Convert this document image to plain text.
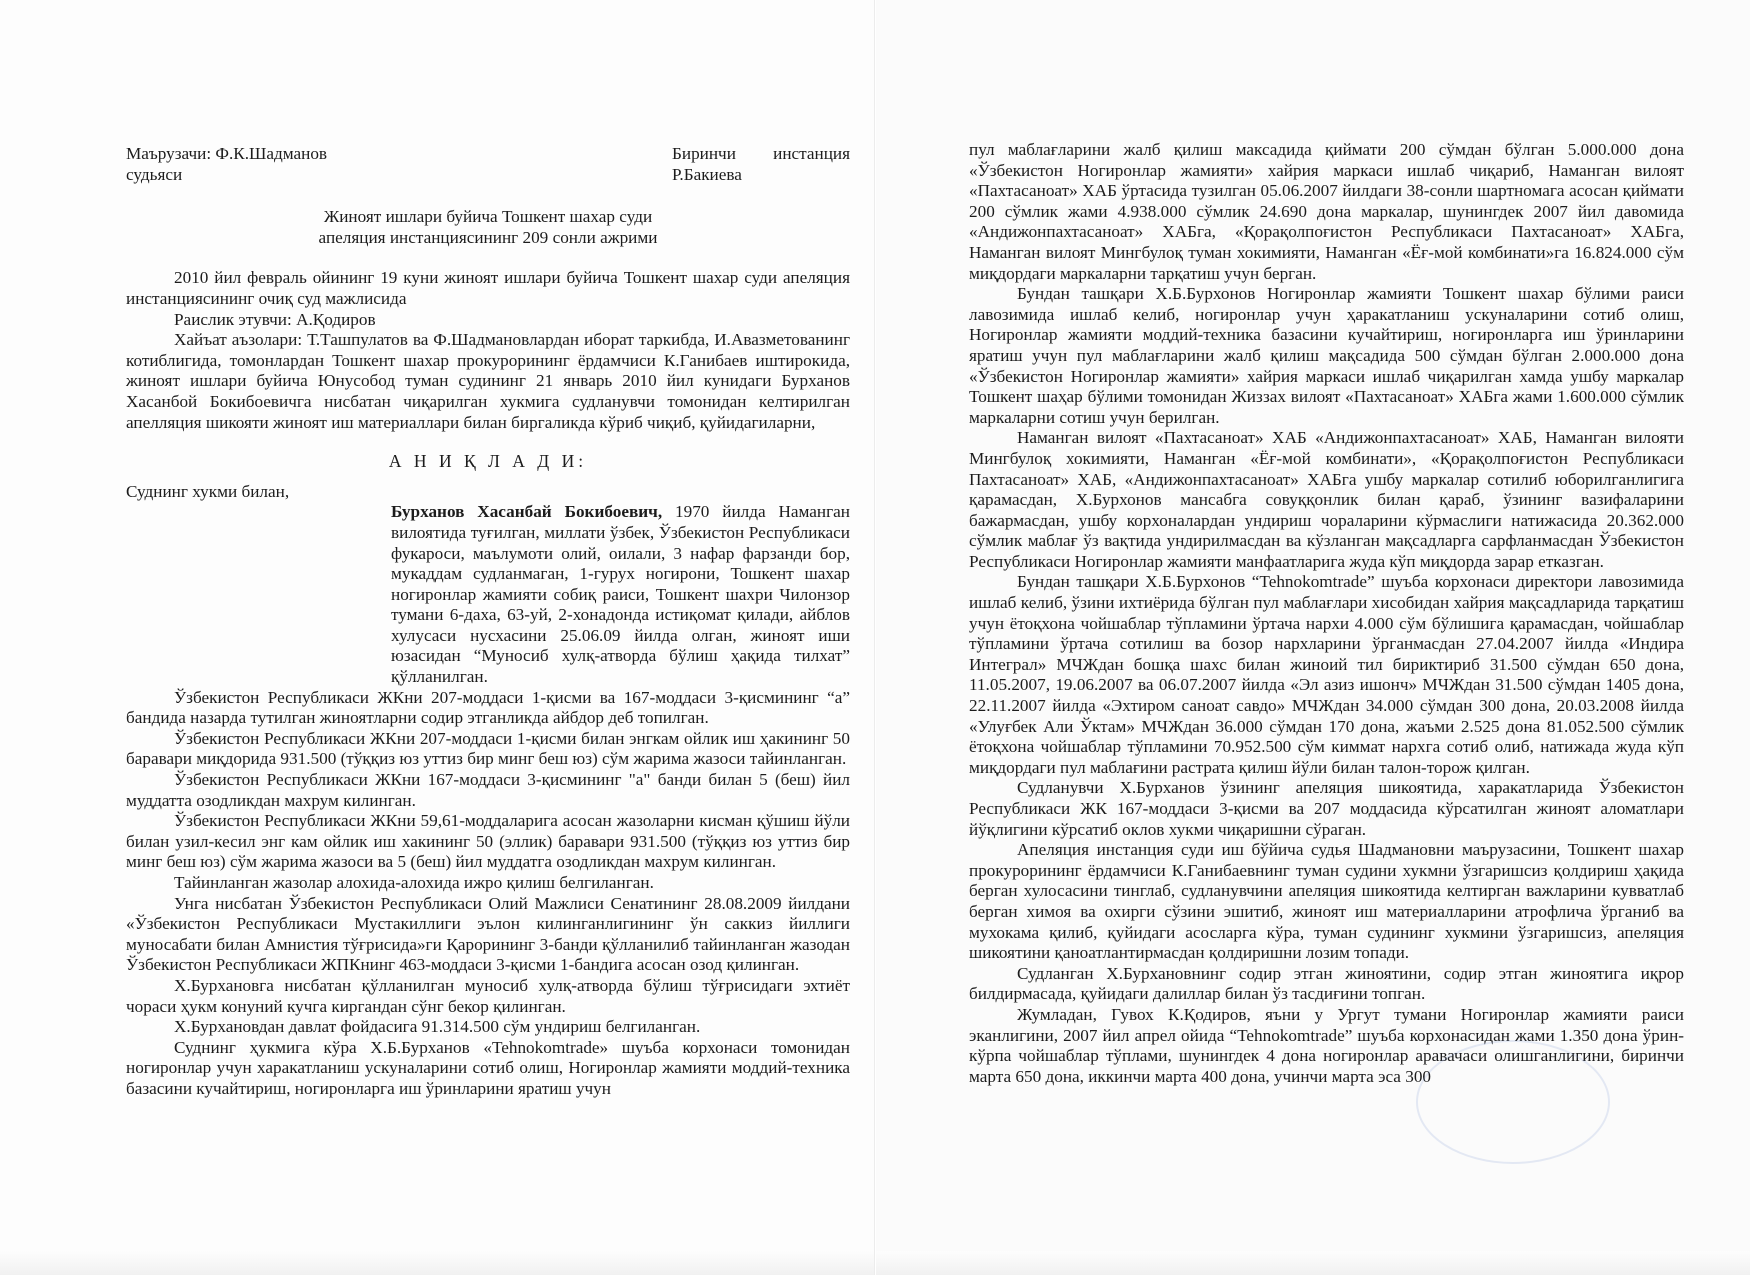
Маърузачи: Ф.К.Шадманов
судьяси
Биринчи инстанция
Р.Бакиева
Жиноят ишлари буйича Тошкент шахар суди
апеляция инстанциясининг 209 сонли ажрими

2010 йил февраль ойининг 19 куни жиноят ишлари буйича Тошкент шахар суди апеляция инстанциясининг очиқ суд мажлисида

Раислик этувчи: А.Қодиров

Хайъат аъзолари: Т.Ташпулатов ва Ф.Шадмановлардан иборат таркибда, И.Авазметованинг котиблигида, томонлардан Тошкент шахар прокурорининг ёрдамчиси К.Ганибаев иштирокида, жиноят ишлари буйича Юнусобод туман судининг 21 январь 2010 йил кунидаги Бурханов Хасанбой Бокибоевичга нисбатан чиқарилган хукмига судланувчи томонидан келтирилган апелляция шикояти жиноят иш материаллари билан биргаликда кўриб чиқиб, қуйидагиларни,

А Н И Қ Л А Д И:

Суднинг хукми билан,

Бурханов Хасанбай Бокибоевич, 1970 йилда Наманган вилоятида туғилган, миллати ўзбек, Ўзбекистон Республикаси фукароси, маълумоти олий, оилали, 3 нафар фарзанди бор, мукаддам судланмаган, 1-гурух ногирони, Тошкент шахар ногиронлар жамияти собиқ раиси, Тошкент шахри Чилонзор тумани 6-даха, 63-уй, 2-хонадонда истиқомат қилади, айблов хулусаси нусхасини 25.06.09 йилда олган, жиноят иши юзасидан “Муносиб хулқ-атворда бўлиш ҳақида тилхат” қўлланилган.

Ўзбекистон Республикаси ЖКни 207-моддаси 1-қисми ва 167-моддаси 3-қисмининг “а” бандида назарда тутилган жиноятларни содир этганликда айбдор деб топилган.

Ўзбекистон Республикаси ЖКни 207-моддаси 1-қисми билан энгкам ойлик иш ҳакининг 50 баравари миқдорида 931.500 (тўққиз юз уттиз бир минг беш юз) сўм жарима жазоси тайинланган.

Ўзбекистон Республикаси ЖКни 167-моддаси 3-қисмининг "а" банди билан 5 (беш) йил муддатта озодликдан махрум килинган.

Ўзбекистон Республикаси ЖКни 59,61-моддаларига асосан жазоларни кисман қўшиш йўли билан узил-кесил энг кам ойлик иш хакининг 50 (эллик) баравари 931.500 (тўққиз юз уттиз бир минг беш юз) сўм жарима жазоси ва 5 (беш) йил муддатга озодликдан махрум килинган.

Тайинланган жазолар алохида-алохида ижро қилиш белгиланган.

Унга нисбатан Ўзбекистон Республикаси Олий Мажлиси Сенатининг 28.08.2009 йилдани «Ўзбекистон Республикаси Мустакиллиги эълон килинганлигининг ўн саккиз йиллиги муносабати билан Амнистия тўғрисида»ги Қарорининг 3-банди қўлланилиб тайинланган жазодан Ўзбекистон Республикаси ЖПКнинг 463-моддаси 3-қисми 1-бандига асосан озод қилинган.

Х.Бурхановга нисбатан қўлланилган муносиб хулқ-атворда бўлиш тўғрисидаги эхтиёт чораси ҳукм конуний кучга киргандан сўнг бекор қилинган.

Х.Бурхановдан давлат фойдасига 91.314.500 сўм ундириш белгиланган.

Суднинг ҳукмига кўра Х.Б.Бурханов «Tehnokomtrade» шуъба корхонаси томонидан ногиронлар учун харакатланиш ускуналарини сотиб олиш, Ногиронлар жамияти моддий-техника базасини кучайтириш, ногиронларга иш ўринларини яратиш учун

пул маблағларини жалб қилиш максадида қиймати 200 сўмдан бўлган 5.000.000 дона «Ўзбекистон Ногиронлар жамияти» хайрия маркаси ишлаб чиқариб, Наманган вилоят «Пахтасаноат» ХАБ ўртасида тузилган 05.06.2007 йилдаги 38-сонли шартномага асосан қиймати 200 сўмлик жами 4.938.000 сўмлик 24.690 дона маркалар, шунингдек 2007 йил давомида «Андижонпахтасаноат» ХАБга, «Қорақолпоғистон Республикаси Пахтасаноат» ХАБга, Наманган вилоят Мингбулоқ туман хокимияти, Наманган «Ёғ-мой комбинати»га 16.824.000 сўм миқдордаги маркаларни тарқатиш учун берган.

Бундан ташқари Х.Б.Бурхонов Ногиронлар жамияти Тошкент шахар бўлими раиси лавозимида ишлаб келиб, ногиронлар учун ҳаракатланиш ускуналарини сотиб олиш, Ногиронлар жамияти моддий-техника базасини кучайтириш, ногиронларга иш ўринларини яратиш учун пул маблағларини жалб қилиш мақсадида 500 сўмдан бўлган 2.000.000 дона «Ўзбекистон Ногиронлар жамияти» хайрия маркаси ишлаб чиқарилган хамда ушбу маркалар Тошкент шаҳар бўлими томонидан Жиззах вилоят «Пахтасаноат» ХАБга жами 1.600.000 сўмлик маркаларни сотиш учун берилган.

Наманган вилоят «Пахтасаноат» ХАБ «Андижонпахтасаноат» ХАБ, Наманган вилояти Мингбулоқ хокимияти, Наманган «Ёғ-мой комбинати», «Қорақолпоғистон Республикаси Пахтасаноат» ХАБ, «Андижонпахтасаноат» ХАБга ушбу маркалар сотилиб юборилганлигига қарамасдан, Х.Бурхонов мансабга совуққонлик билан қараб, ўзининг вазифаларини бажармасдан, ушбу корхоналардан ундириш чораларини кўрмаслиги натижасида 20.362.000 сўмлик маблағ ўз вақтида ундирилмасдан ва кўзланган мақсадларга сарфланмасдан Ўзбекистон Республикаси Ногиронлар жамияти манфаатларига жуда кўп миқдорда зарар етказган.

Бундан ташқари Х.Б.Бурхонов “Tehnokomtrade” шуъба корхонаси директори лавозимида ишлаб келиб, ўзини ихтиёрида бўлган пул маблағлари хисобидан хайрия мақсадларида тарқатиш учун ётоқхона чойшаблар тўпламини ўртача нархи 4.000 сўм бўлишига қарамасдан, чойшаблар тўпламини ўртача сотилиш ва бозор нархларини ўрганмасдан 27.04.2007 йилда «Индира Интеграл» МЧЖдан бошқа шахс билан жиноий тил бириктириб 31.500 сўмдан 650 дона, 11.05.2007, 19.06.2007 ва 06.07.2007 йилда «Эл азиз ишонч» МЧЖдан 31.500 сўмдан 1405 дона, 22.11.2007 йилда «Эхтиром саноат савдо» МЧЖдан 34.000 сўмдан 300 дона, 20.03.2008 йилда «Улуғбек Али Ўктам» МЧЖдан 36.000 сўмдан 170 дона, жаъми 2.525 дона 81.052.500 сўмлик ётоқхона чойшаблар тўпламини 70.952.500 сўм киммат нархга сотиб олиб, натижада жуда кўп миқдордаги пул маблағини растрата қилиш йўли билан талон-торож қилган.

Судланувчи Х.Бурханов ўзининг апеляция шикоятида, харакатларида Ўзбекистон Республикаси ЖК 167-моддаси 3-қисми ва 207 моддасида кўрсатилган жиноят аломатлари йўқлигини кўрсатиб оклов хукми чиқаришни сўраган.

Апеляция инстанция суди иш бўйича судья Шадмановни маърузасини, Тошкент шахар прокурорининг ёрдамчиси К.Ганибаевнинг туман судини хукмни ўзгаришсиз қолдириш ҳақида берган хулосасини тинглаб, судланувчини апеляция шикоятида келтирган важларини кувватлаб берган химоя ва охирги сўзини эшитиб, жиноят иш материалларини атрофлича ўрганиб ва мухокама қилиб, қуйидаги асосларга кўра, туман судининг хукмини ўзгаришсиз, апеляция шикоятини қаноатлантирмасдан қолдиришни лозим топади.

Судланган Х.Бурхановнинг содир этган жиноятини, содир этган жиноятига иқрор билдирмасада, қуйидаги далиллар билан ўз тасдиғини топган.

Жумладан, Гувох К.Қодиров, яъни у Ургут тумани Ногиронлар жамияти раиси эканлигини, 2007 йил апрел ойида “Tehnokomtrade” шуъба корхонасидан жами 1.350 дона ўрин-кўрпа чойшаблар тўплами, шунингдек 4 дона ногиронлар аравачаси олишганлигини, биринчи марта 650 дона, иккинчи марта 400 дона, учинчи марта эса 300
